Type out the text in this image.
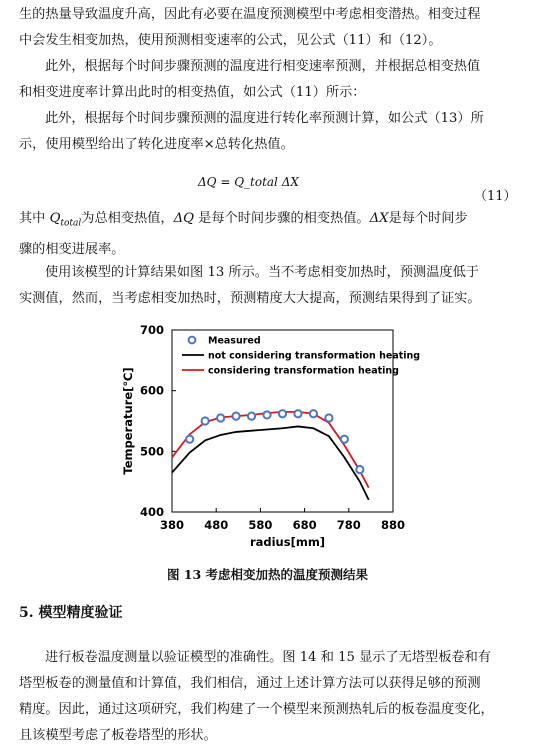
生的热量导致温度升高，因此有必要在温度预测模型中考虑相变潜热。相变过程
中会发生相变加热，使用预测相变速率的公式，见公式（11）和（12）。
此外，根据每个时间步骤预测的温度进行相变速率预测，并根据总相变热值
和相变进度率计算出此时的相变热值，如公式（11）所示：
此外，根据每个时间步骤预测的温度进行转化率预测计算，如公式（13）所
示，使用模型给出了转化进度率×总转化热值。
ΔQ = Q_total ΔX
（11）
其中 $Q_{total}$为总相变热值，ΔQ 是每个时间步骤的相变热值。ΔX是每个时间步
骤的相变进展率。
使用该模型的计算结果如图 13 所示。当不考虑相变加热时，预测温度低于
实测值，然而，当考虑相变加热时，预测精度大大提高，预测结果得到了证实。
380 480 580 680 780 880
400
500
600
700
radius[mm]
Temperature[℃]
Measured
not considering transformation heating
considering transformation heating
图 13 考虑相变加热的温度预测结果
5. 模型精度验证
进行板卷温度测量以验证模型的准确性。图 14 和 15 显示了无塔型板卷和有
塔型板卷的测量值和计算值，我们相信，通过上述计算方法可以获得足够的预测
精度。因此，通过这项研究，我们构建了一个模型来预测热轧后的板卷温度变化，
且该模型考虑了板卷塔型的形状。
